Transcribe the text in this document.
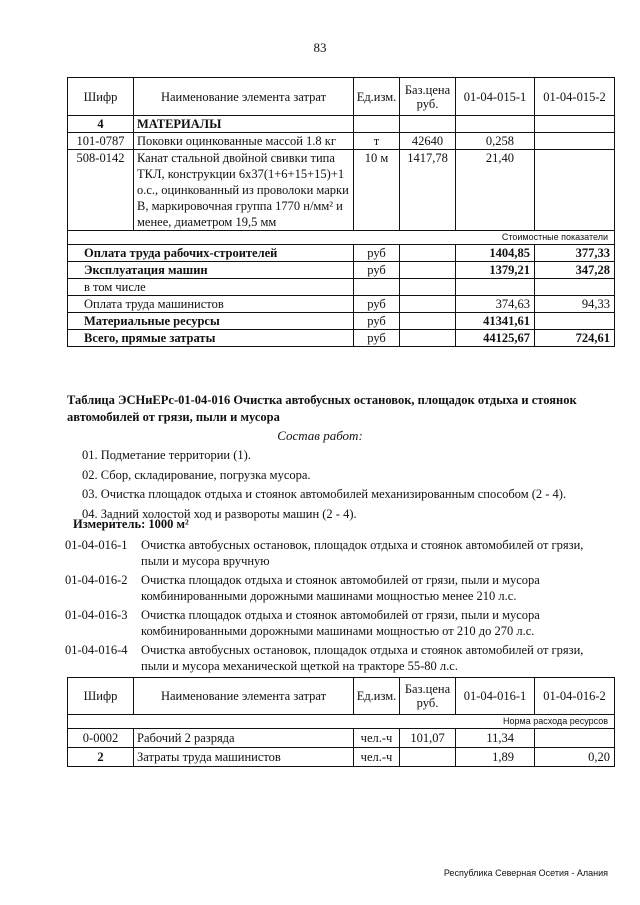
83
Шифр	Наименование элемента затрат	Ед.изм.	Баз.цена руб.	01-04-015-1	01-04-015-2
4	МАТЕРИАЛЫ				
101-0787	Поковки оцинкованные массой 1.8 кг	т	42640	0,258	
508-0142	Канат стальной двойной свивки типа
ТКЛ, конструкции 6х37(1+6+15+15)+1
о.с., оцинкованный из проволоки марки
В, маркировочная группа 1770 н/мм² и
менее, диаметром 19,5 мм	10 м	1417,78	21,40	
Стоимостные показатели					
Оплата труда рабочих-строителей		руб		1404,85	377,33
Эксплуатация машин		руб		1379,21	347,28
в том числе					
Оплата труда машинистов		руб		374,63	94,33
Материальные ресурсы		руб		41341,61	
Всего, прямые затраты		руб		44125,67	724,61
Таблица ЭСНиЕРс-01-04-016 Очистка автобусных остановок, площадок отдыха и стоянок
автомобилей от грязи, пыли и мусора
Состав работ:
01. Подметание территории (1).
02. Сбор, складирование, погрузка мусора.
03. Очистка площадок отдыха и стоянок автомобилей механизированным способом (2 - 4).
04. Задний холостой ход и развороты машин (2 - 4).
Измеритель: 1000 м²
01-04-016-1	Очистка автобусных остановок, площадок отдыха и стоянок автомобилей от грязи,
пыли и мусора вручную
01-04-016-2	Очистка площадок отдыха и стоянок автомобилей от грязи, пыли и мусора
комбинированными дорожными машинами мощностью менее 210 л.с.
01-04-016-3	Очистка площадок отдыха и стоянок автомобилей от грязи, пыли и мусора
комбинированными дорожными машинами мощностью от 210 до 270 л.с.
01-04-016-4	Очистка автобусных остановок, площадок отдыха и стоянок автомобилей от грязи,
пыли и мусора механической щеткой на тракторе 55-80 л.с.
Шифр	Наименование элемента затрат	Ед.изм.	Баз.цена руб.	01-04-016-1	01-04-016-2
Норма расхода ресурсов					
0-0002	Рабочий 2 разряда	чел.-ч	101,07	11,34	
2	Затраты труда машинистов	чел.-ч		1,89	0,20
Республика Северная Осетия - Алания
